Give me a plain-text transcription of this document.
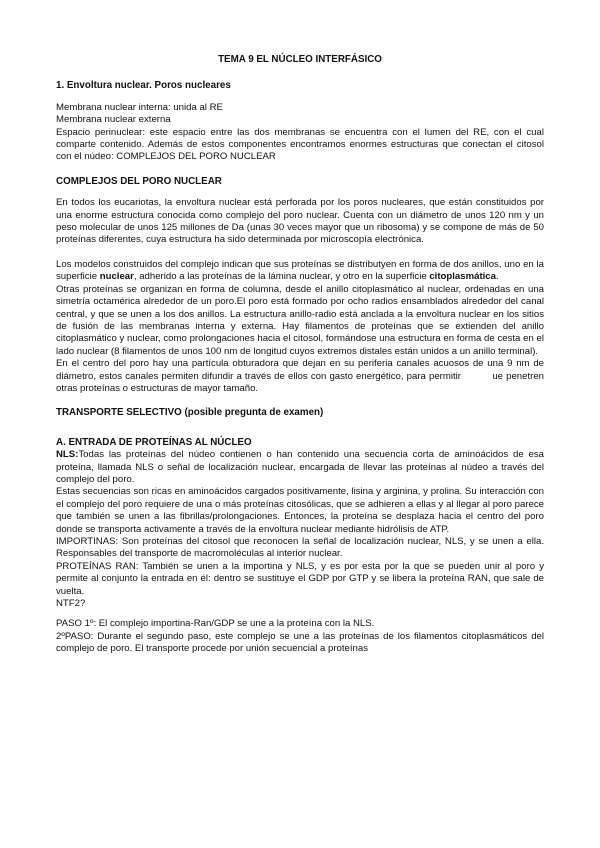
TEMA 9 EL NÚCLEO INTERFÁSICO

1. Envoltura nuclear. Poros nucleares

Membrana nuclear interna: unida al RE

Membrana nuclear externa

Espacio perinuclear: este espacio entre las dos membranas se encuentra con el lumen del RE, con el cual comparte contenido. Además de estos componentes encontramos enormes estructuras que conectan el citosol con el núdeo: COMPLEJOS DEL PORO NUCLEAR

COMPLEJOS DEL PORO NUCLEAR

En todos los eucariotas, la envoltura nuclear está perforada por los poros nucleares, que están constituidos por una enorme estructura conocida como complejo del poro nuclear. Cuenta con un diámetro de unos 120 nm y un peso molecular de unos 125 millones de Da (unas 30 veces mayor que un ribosoma) y se compone de más de 50 proteínas diferentes, cuya estructura ha sido determinada por microscopía electrónica.

Los modelos construidos del complejo indican que sus proteínas se distributyen en forma de dos anillos, uno en la superficie nuclear, adherido a las proteínas de la lámina nuclear, y otro en la superficie citoplasmática.

Otras proteínas se organizan en forma de columna, desde el anillo citoplasmático al nuclear, ordenadas en una simetría octamérica alrededor de un poro.El poro está formado por ocho radios ensamblados alrededor del canal central, y que se unen a los dos anillos. La estructura anillo-radio está anclada a la envoltura nuclear en los sitios de fusión de las membranas interna y externa. Hay filamentos de proteínas que se extienden del anillo citoplasmático y nuclear, como prolongaciones hacia el citosol, formándose una estructura en forma de cesta en el lado nuclear (8 filamentos de unos 100 nm de longitud cuyos extremos distales están unidos a un anillo terminal).

En el centro del poro hay una partícula obturadora que dejan en su periferia canales acuosos de una 9 nm de diámetro, estos canales permiten difundir a través de ellos con gasto energético, para permitir          ue penetren otras proteínas o estructuras de mayor tamaño.

TRANSPORTE SELECTIVO (posible pregunta de examen)

A. ENTRADA DE PROTEÍNAS AL NÚCLEO

NLS:Todas las proteínas del núdeo contienen o han contenido una secuencia corta de aminoácidos de esa proteína, llamada NLS o señal de localización nuclear, encargada de llevar las proteínas al núdeo a través del complejo del poro.

Estas secuencias son ricas en aminoácidos cargados positivamente, lisina y arginina, y prolina. Su interacción con el complejo del poro requiere de una o más proteínas citosólicas, que se adhieren a ellas y al llegar al poro parece que también se unen a las fibrillas/prolongaciones. Entonces, la proteína se desplaza hacia el centro del poro donde se transporta activamente a través de la envoltura nuclear mediante hidrólisis de ATP.

IMPORTINAS: Son proteínas del citosol que reconocen la señal de localización nuclear, NLS, y se unen a ella. Responsables del transporte de macromoléculas al interior nuclear.

PROTEÍNAS RAN: También se unen a la importina y NLS, y es por esta por la que se pueden unir al poro y permite al conjunto la entrada en él: dentro se sustituye el GDP por GTP y se libera la proteína RAN, que sale de vuelta.

NTF2?

PASO 1º: El complejo importina-Ran/GDP se une a la proteína con la NLS.

2ºPASO: Durante el segundo paso, este complejo se une a las proteínas de los filamentos citoplasmáticos del complejo de poro. El transporte procede por unión secuencial a proteínas
